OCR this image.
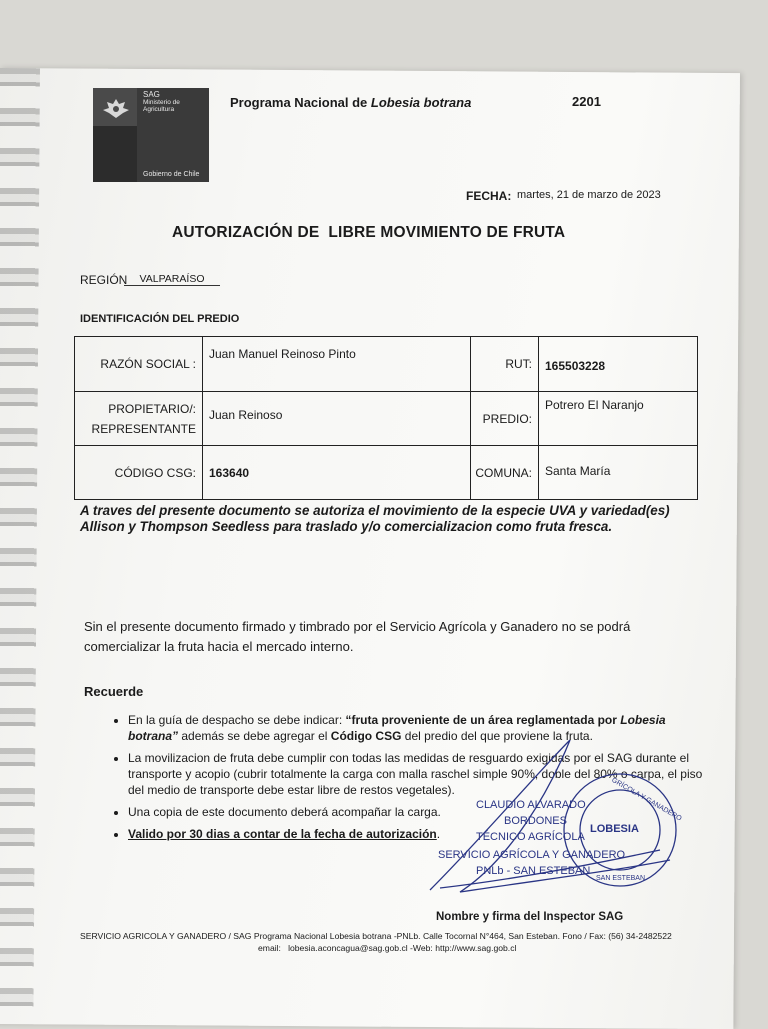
SAG
Ministerio de
Agricultura
Gobierno de Chile
Programa Nacional de Lobesia botrana	2201
FECHA: martes, 21 de marzo de 2023
AUTORIZACIÓN DE  LIBRE MOVIMIENTO DE FRUTA
REGIÓN	VALPARAÍSO
IDENTIFICACIÓN DEL PREDIO
RAZÓN SOCIAL :	Juan Manuel Reinoso Pinto	RUT:	165503228

PROPIETARIO/:
REPRESENTANTE	Juan Reinoso	PREDIO:	Potrero El Naranjo
CÓDIGO CSG:	163640	COMUNA:	Santa María
A traves del presente documento se autoriza el movimiento de la especie UVA y variedad(es) Allison y Thompson Seedless para traslado y/o comercializacion como fruta fresca.
Sin el presente documento firmado y timbrado por el Servicio Agrícola y Ganadero no se podrá comercializar la fruta hacia el mercado interno.
Recuerde
• En la guía de despacho se debe indicar: “fruta proveniente de un área reglamentada por Lobesia botrana” además se debe agregar el Código CSG del predio del que proviene la fruta.
• La movilizacion de fruta debe cumplir con todas las medidas de resguardo exigidas por el SAG durante el transporte y acopio (cubrir totalmente la carga con malla raschel simple 90%, doble del 80% o carpa, el piso del medio de transporte debe estar libre de restos vegetales).
• Una copia de este documento deberá acompañar la carga.
• Valido por 30 dias a contar de la fecha de autorización.
CLAUDIO ALVARADO
BORDONES
TÉCNICO AGRÍCOLA
SERVICIO AGRÍCOLA Y GANADERO
PNLb - SAN ESTEBAN
LOBESIA
GRÍCOLA Y GANADERO
SAN ESTEBAN
Nombre y firma del Inspector SAG
SERVICIO AGRICOLA Y GANADERO / SAG Programa Nacional Lobesia botrana -PNLb. Calle Tocornal N°464, San Esteban. Fono / Fax: (56) 34-2482522
email:   lobesia.aconcagua@sag.gob.cl -Web: http://www.sag.gob.cl
